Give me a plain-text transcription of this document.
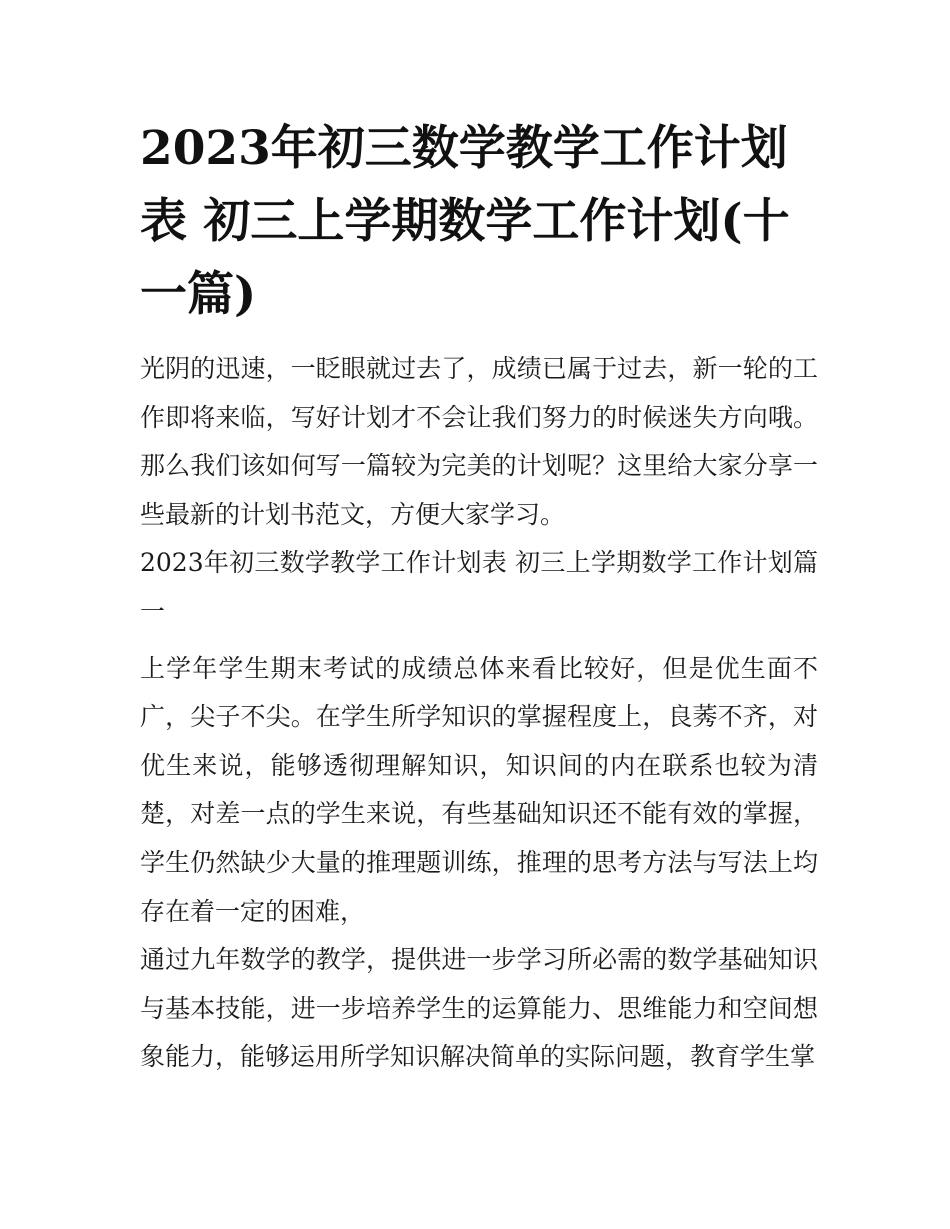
2023年初三数学教学工作计划表 初三上学期数学工作计划(十一篇)

光阴的迅速，一眨眼就过去了，成绩已属于过去，新一轮的工作即将来临，写好计划才不会让我们努力的时候迷失方向哦。那么我们该如何写一篇较为完美的计划呢？这里给大家分享一些最新的计划书范文，方便大家学习。

2023年初三数学教学工作计划表 初三上学期数学工作计划篇一

上学年学生期末考试的成绩总体来看比较好，但是优生面不广，尖子不尖。在学生所学知识的掌握程度上，良莠不齐，对优生来说，能够透彻理解知识，知识间的内在联系也较为清楚，对差一点的学生来说，有些基础知识还不能有效的掌握，学生仍然缺少大量的推理题训练，推理的思考方法与写法上均存在着一定的困难，

通过九年数学的教学，提供进一步学习所必需的数学基础知识与基本技能，进一步培养学生的运算能力、思维能力和空间想象能力，能够运用所学知识解决简单的实际问题，教育学生掌
